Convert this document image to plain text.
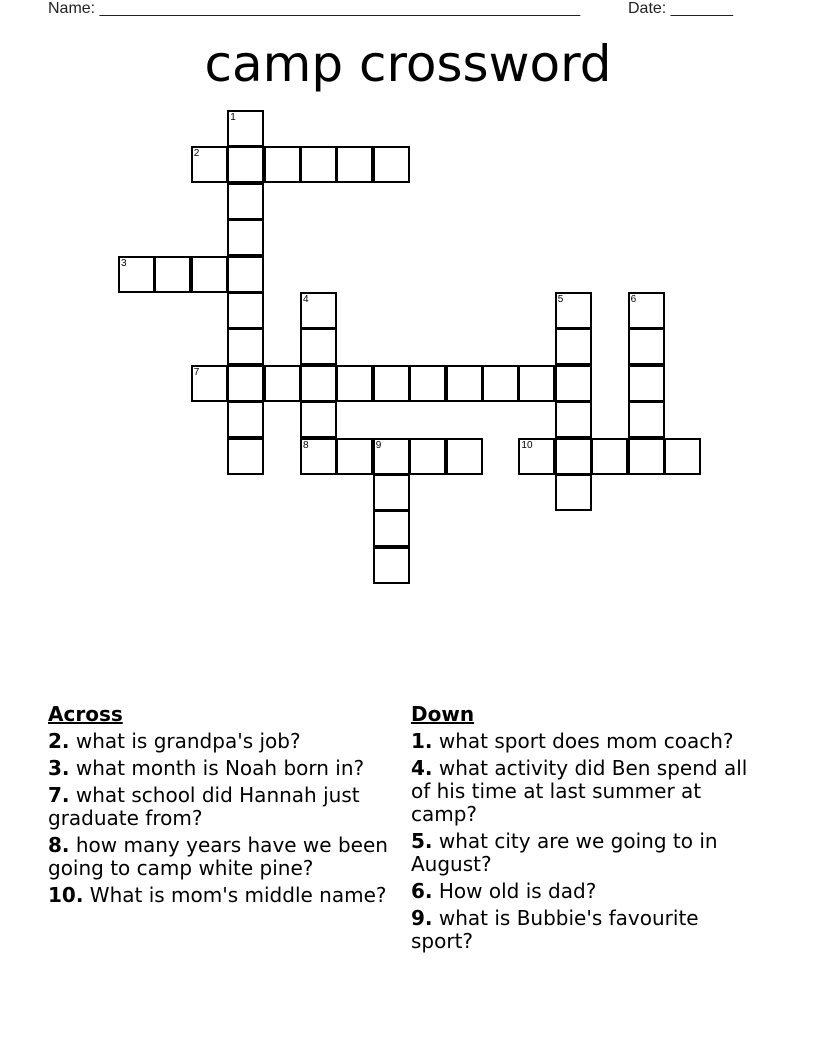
Name: ______________________________________________________	Date: _______
camp crossword
1
2
3
4	5	6
7
8	9	10
Across
2. what is grandpa's job?
3. what month is Noah born in?
7. what school did Hannah just graduate from?
8. how many years have we been going to camp white pine?
10. What is mom's middle name?
Down
1. what sport does mom coach?
4. what activity did Ben spend all of his time at last summer at camp?
5. what city are we going to in August?
6. How old is dad?
9. what is Bubbie's favourite sport?
